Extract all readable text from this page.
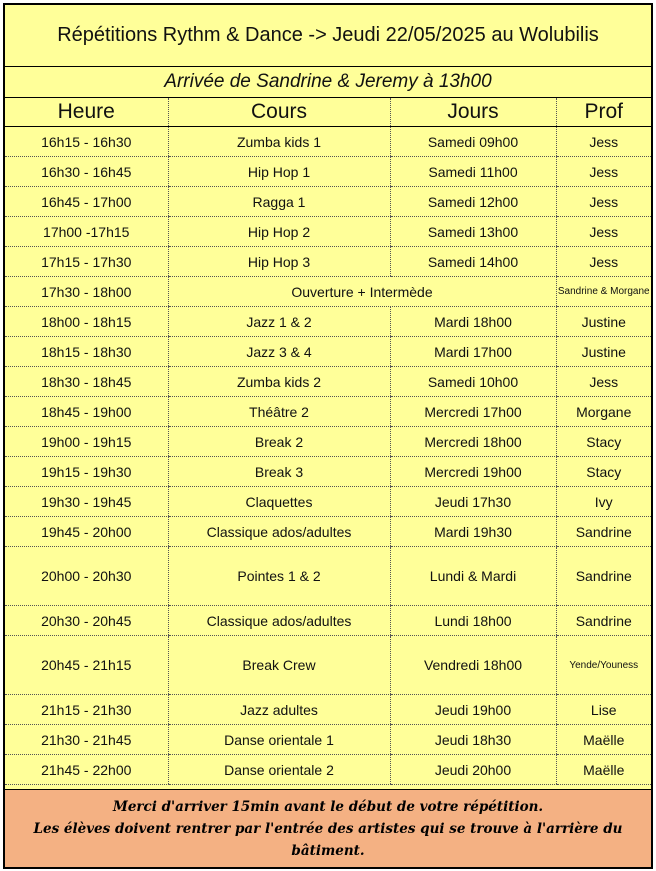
Répétitions Rythm & Dance -> Jeudi 22/05/2025 au Wolubilis
Arrivée de Sandrine & Jeremy à 13h00
Heure	Cours	Jours	Prof
16h15 - 16h30	Zumba kids 1	Samedi 09h00	Jess
16h30 - 16h45	Hip Hop 1	Samedi 11h00	Jess
16h45 - 17h00	Ragga 1	Samedi 12h00	Jess
17h00 -17h15	Hip Hop 2	Samedi 13h00	Jess
17h15 - 17h30	Hip Hop 3	Samedi 14h00	Jess
17h30 - 18h00	Ouverture + Intermède		Sandrine & Morgane
18h00 - 18h15	Jazz 1 & 2	Mardi 18h00	Justine
18h15 - 18h30	Jazz 3 & 4	Mardi 17h00	Justine
18h30 - 18h45	Zumba kids 2	Samedi 10h00	Jess
18h45 - 19h00	Théâtre 2	Mercredi 17h00	Morgane
19h00 - 19h15	Break 2	Mercredi 18h00	Stacy
19h15 - 19h30	Break 3	Mercredi 19h00	Stacy
19h30 - 19h45	Claquettes	Jeudi 17h30	Ivy
19h45 - 20h00	Classique ados/adultes	Mardi 19h30	Sandrine
20h00 - 20h30	Pointes 1 & 2	Lundi & Mardi	Sandrine
20h30 - 20h45	Classique ados/adultes	Lundi 18h00	Sandrine
20h45 - 21h15	Break Crew	Vendredi 18h00	Yende/Youness
21h15 - 21h30	Jazz adultes	Jeudi 19h00	Lise
21h30 - 21h45	Danse orientale 1	Jeudi 18h30	Maëlle
21h45 - 22h00	Danse orientale 2	Jeudi 20h00	Maëlle
Merci d'arriver 15min avant le début de votre répétition.
Les élèves doivent rentrer par l'entrée des artistes qui se trouve à l'arrière du
bâtiment.
